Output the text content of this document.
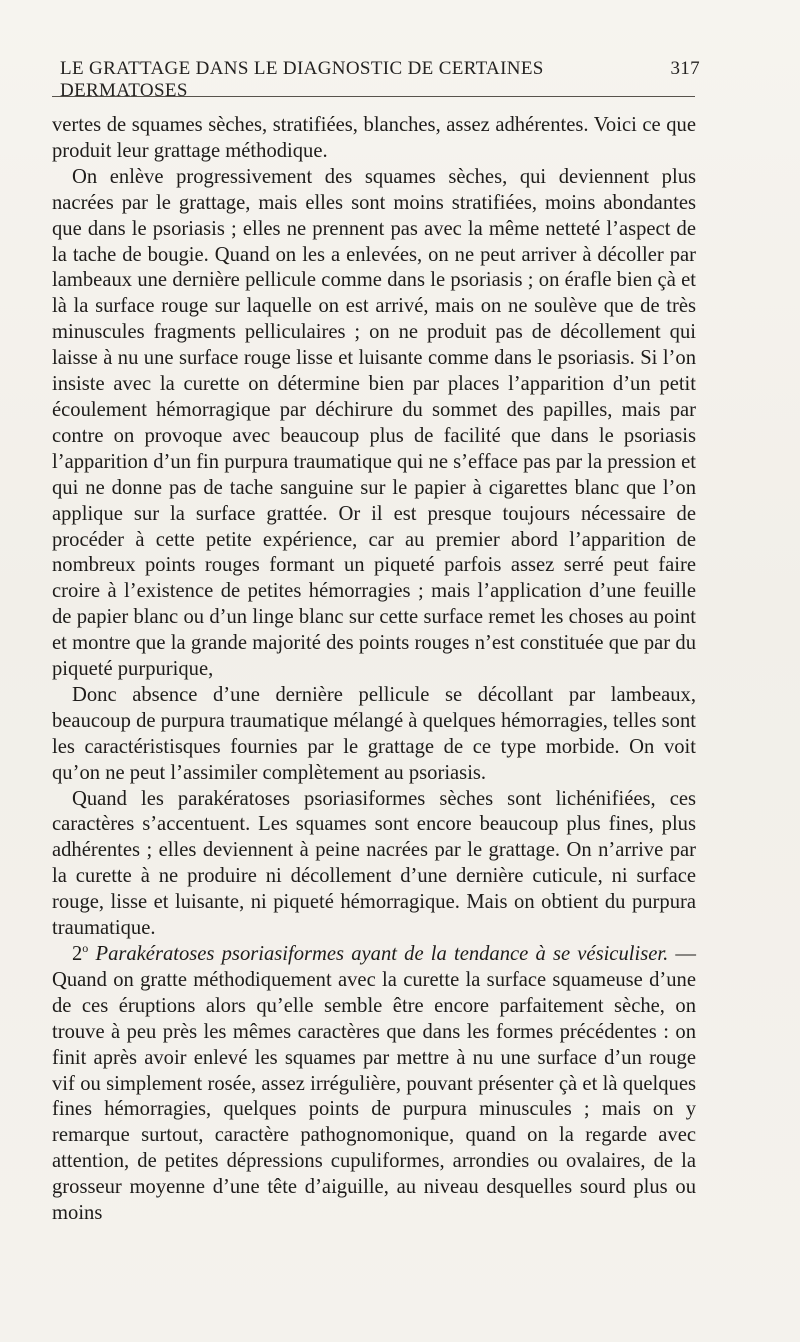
LE GRATTAGE DANS LE DIAGNOSTIC DE CERTAINES DERMATOSES
317

vertes de squames sèches, stratifiées, blanches, assez adhérentes. Voici ce que produit leur grattage méthodique.

On enlève progressivement des squames sèches, qui deviennent plus nacrées par le grattage, mais elles sont moins stratifiées, moins abondantes que dans le psoriasis ; elles ne prennent pas avec la même netteté l’aspect de la tache de bougie. Quand on les a enlevées, on ne peut arriver à décoller par lambeaux une dernière pellicule comme dans le psoriasis ; on érafle bien çà et là la surface rouge sur laquelle on est arrivé, mais on ne soulève que de très minuscules fragments pelliculaires ; on ne produit pas de décollement qui laisse à nu une surface rouge lisse et luisante comme dans le psoriasis. Si l’on insiste avec la curette on détermine bien par places l’apparition d’un petit écoulement hémorragique par déchirure du sommet des papilles, mais par contre on provoque avec beaucoup plus de facilité que dans le psoriasis l’apparition d’un fin purpura traumatique qui ne s’efface pas par la pression et qui ne donne pas de tache sanguine sur le papier à cigarettes blanc que l’on applique sur la surface grattée. Or il est presque toujours nécessaire de procéder à cette petite expérience, car au premier abord l’apparition de nombreux points rouges formant un piqueté parfois assez serré peut faire croire à l’existence de petites hémorragies ; mais l’application d’une feuille de papier blanc ou d’un linge blanc sur cette surface remet les choses au point et montre que la grande majorité des points rouges n’est constituée que par du piqueté purpurique,

Donc absence d’une dernière pellicule se décollant par lambeaux, beaucoup de purpura traumatique mélangé à quelques hémorragies, telles sont les caractéristisques fournies par le grattage de ce type morbide. On voit qu’on ne peut l’assimiler complètement au psoriasis.

Quand les parakératoses psoriasiformes sèches sont lichénifiées, ces caractères s’accentuent. Les squames sont encore beaucoup plus fines, plus adhérentes ; elles deviennent à peine nacrées par le grattage. On n’arrive par la curette à ne produire ni décollement d’une dernière cuticule, ni surface rouge, lisse et luisante, ni piqueté hémorragique. Mais on obtient du purpura traumatique.

2$^o$ Parakératoses psoriasiformes ayant de la tendance à se vésiculiser. — Quand on gratte méthodiquement avec la curette la surface squameuse d’une de ces éruptions alors qu’elle semble être encore parfaitement sèche, on trouve à peu près les mêmes caractères que dans les formes précédentes : on finit après avoir enlevé les squames par mettre à nu une surface d’un rouge vif ou simplement rosée, assez irrégulière, pouvant présenter çà et là quelques fines hémorragies, quelques points de purpura minuscules ; mais on y remarque surtout, caractère pathognomonique, quand on la regarde avec attention, de petites dépressions cupuliformes, arrondies ou ovalaires, de la grosseur moyenne d’une tête d’aiguille, au niveau desquelles sourd plus ou moins
